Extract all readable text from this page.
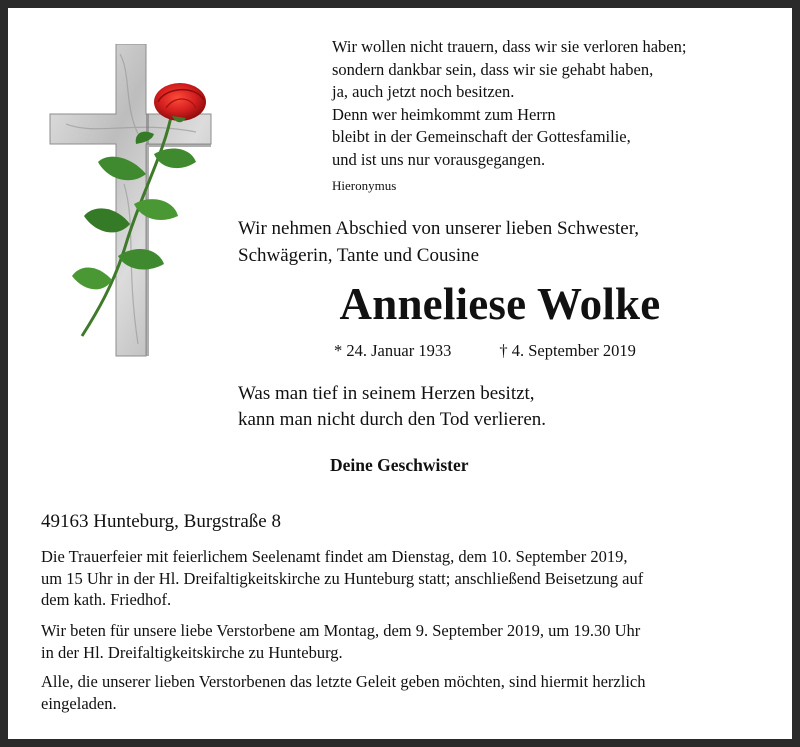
Wir wollen nicht trauern, dass wir sie verloren haben;
sondern dankbar sein, dass wir sie gehabt haben,
ja, auch jetzt noch besitzen.
Denn wer heimkommt zum Herrn
bleibt in der Gemeinschaft der Gottesfamilie,
und ist uns nur vorausgegangen.
Hieronymus
Wir nehmen Abschied von unserer lieben Schwester,
Schwägerin, Tante und Cousine
Anneliese Wolke
* 24. Januar 1933	† 4. September 2019
Was man tief in seinem Herzen besitzt,
kann man nicht durch den Tod verlieren.
Deine Geschwister
49163 Hunteburg, Burgstraße 8
Die Trauerfeier mit feierlichem Seelenamt findet am Dienstag, dem 10. September 2019,
um 15 Uhr in der Hl. Dreifaltigkeitskirche zu Hunteburg statt; anschließend Beisetzung auf
dem kath. Friedhof.
Wir beten für unsere liebe Verstorbene am Montag, dem 9. September 2019, um 19.30 Uhr
in der Hl. Dreifaltigkeitskirche zu Hunteburg.
Alle, die unserer lieben Verstorbenen das letzte Geleit geben möchten, sind hiermit herzlich
eingeladen.
